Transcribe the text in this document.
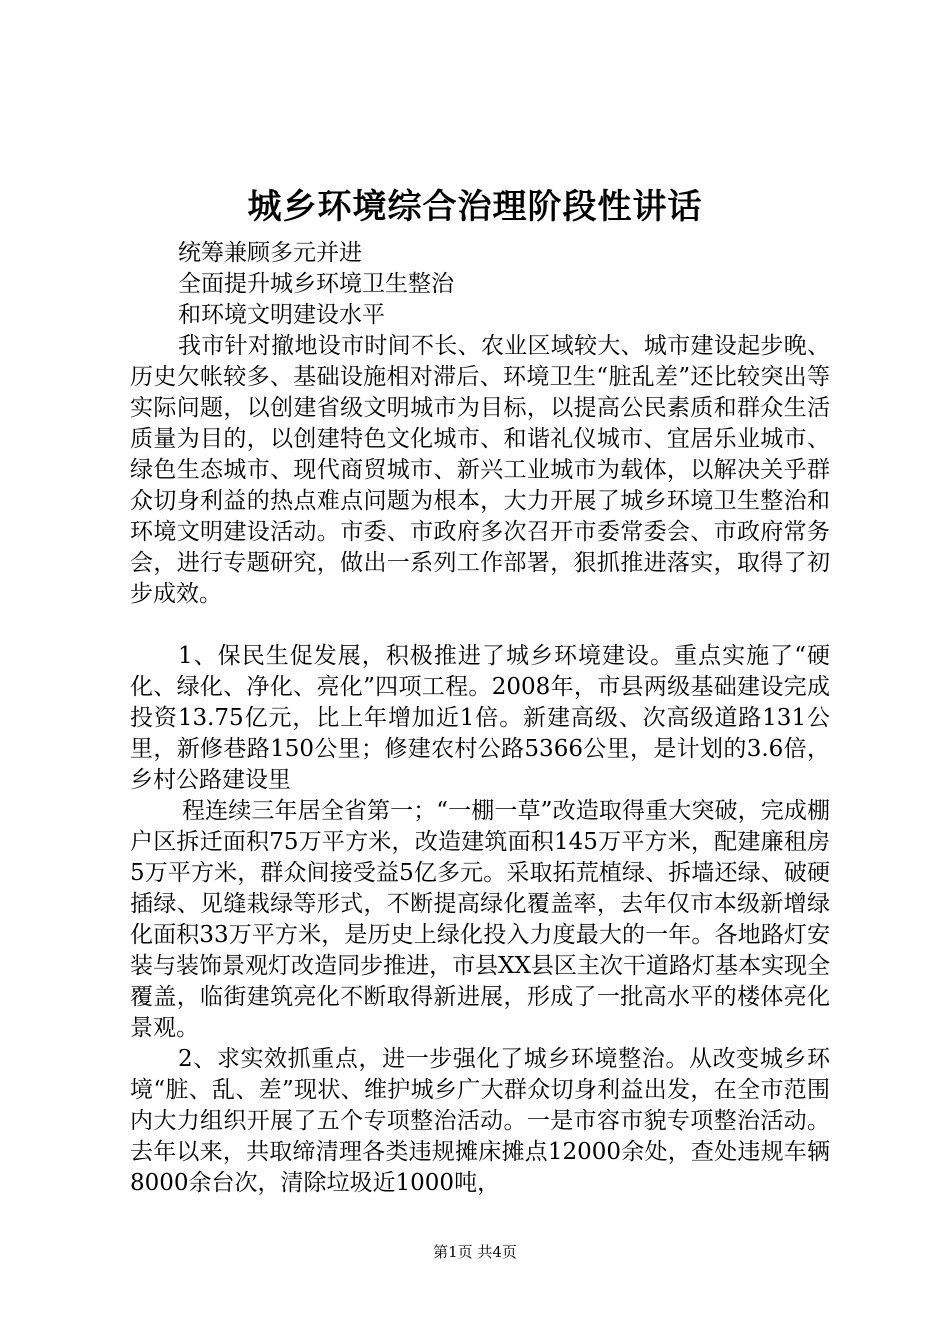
城乡环境综合治理阶段性讲话

统筹兼顾多元并进

全面提升城乡环境卫生整治

和环境文明建设水平

我市针对撤地设市时间不长、农业区域较大、城市建设起步晚、历史欠帐较多、基础设施相对滞后、环境卫生“脏乱差”还比较突出等实际问题，以创建省级文明城市为目标，以提高公民素质和群众生活质量为目的，以创建特色文化城市、和谐礼仪城市、宜居乐业城市、绿色生态城市、现代商贸城市、新兴工业城市为载体，以解决关乎群众切身利益的热点难点问题为根本，大力开展了城乡环境卫生整治和环境文明建设活动。市委、市政府多次召开市委常委会、市政府常务会，进行专题研究，做出一系列工作部署，狠抓推进落实，取得了初步成效。

1、保民生促发展，积极推进了城乡环境建设。重点实施了“硬化、绿化、净化、亮化”四项工程。2008年，市县两级基础建设完成投资13.75亿元，比上年增加近1倍。新建高级、次高级道路131公里，新修巷路150公里；修建农村公路5366公里，是计划的3.6倍，乡村公路建设里

程连续三年居全省第一；“一棚一草”改造取得重大突破，完成棚户区拆迁面积75万平方米，改造建筑面积145万平方米，配建廉租房5万平方米，群众间接受益5亿多元。采取拓荒植绿、拆墙还绿、破硬插绿、见缝栽绿等形式，不断提高绿化覆盖率，去年仅市本级新增绿化面积33万平方米，是历史上绿化投入力度最大的一年。各地路灯安装与装饰景观灯改造同步推进，市县XX县区主次干道路灯基本实现全覆盖，临街建筑亮化不断取得新进展，形成了一批高水平的楼体亮化景观。

2、求实效抓重点，进一步强化了城乡环境整治。从改变城乡环境“脏、乱、差”现状、维护城乡广大群众切身利益出发，在全市范围内大力组织开展了五个专项整治活动。一是市容市貌专项整治活动。去年以来，共取缔清理各类违规摊床摊点12000余处，查处违规车辆8000余台次，清除垃圾近1000吨，

第1页 共4页
